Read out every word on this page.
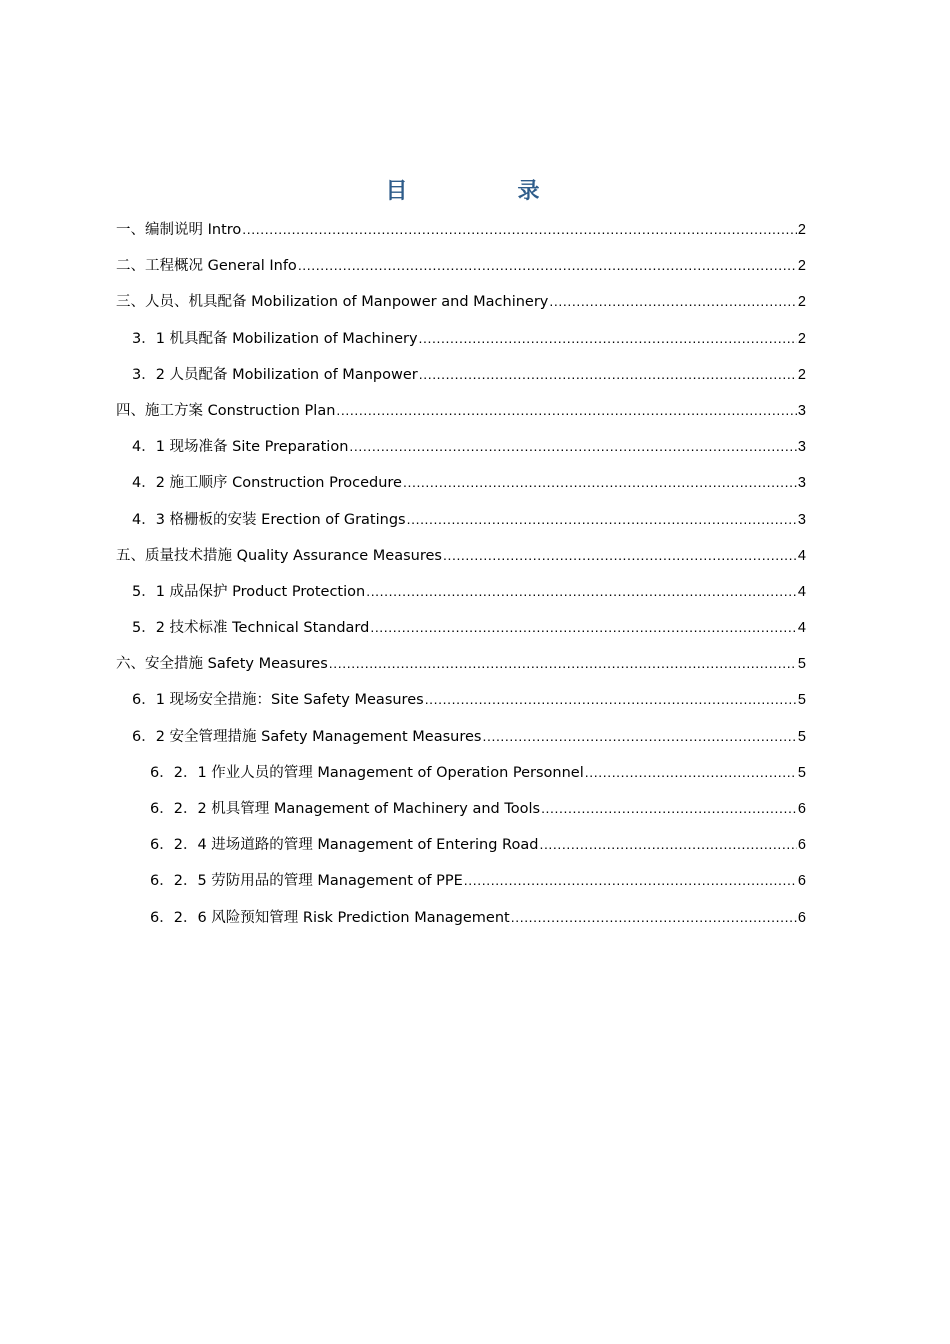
目　录
一、编制说明 Intro .....	2
二、工程概况 General Info .....	2
三、人员、机具配备 Mobilization of Manpower and Machinery .....	2
3．1 机具配备 Mobilization of Machinery .....	2
3．2 人员配备 Mobilization of Manpower .....	2
四、施工方案 Construction Plan .....	3
4．1 现场准备 Site Preparation .....	3
4．2 施工顺序 Construction Procedure .....	3
4．3 格栅板的安装 Erection of Gratings .....	3
五、质量技术措施 Quality Assurance Measures .....	4
5．1 成品保护 Product Protection .....	4
5．2 技术标准 Technical Standard .....	4
六、安全措施 Safety Measures .....	5
6．1 现场安全措施：Site Safety Measures .....	5
6．2 安全管理措施 Safety Management Measures .....	5
6．2．1 作业人员的管理 Management of Operation Personnel .....	5
6．2．2 机具管理 Management of Machinery and Tools .....	6
6．2．4 进场道路的管理 Management of Entering Road .....	6
6．2．5 劳防用品的管理 Management of PPE .....	6
6．2．6 风险预知管理 Risk Prediction Management .....	6
